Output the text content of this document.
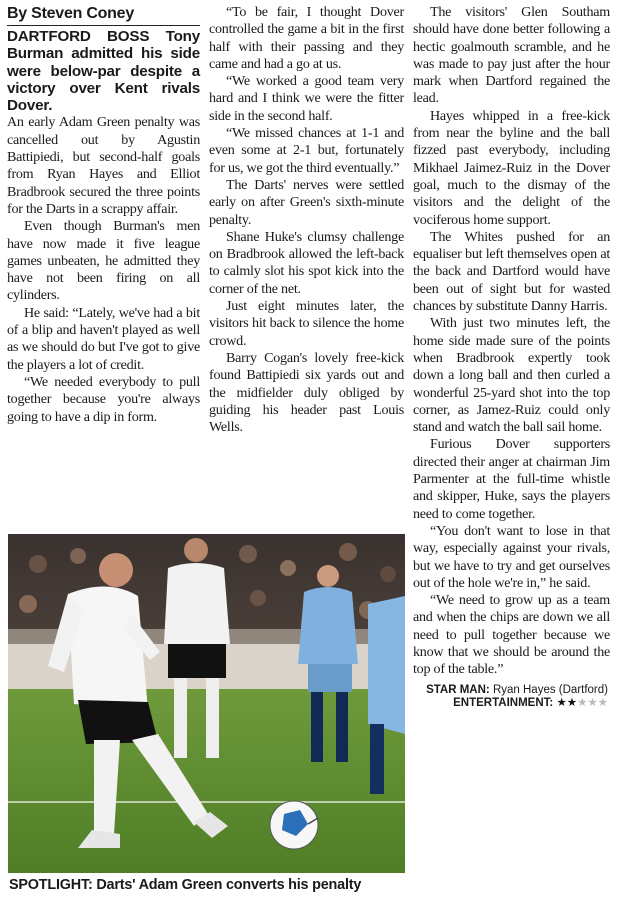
By Steven Coney
DARTFORD BOSS Tony Burman admitted his side were below-par despite a victory over Kent rivals Dover.

An early Adam Green penalty was cancelled out by Agustin Battipiedi, but second-half goals from Ryan Hayes and Elliot Bradbrook secured the three points for the Darts in a scrappy affair.

Even though Burman's men have now made it five league games unbeaten, he admitted they have not been firing on all cylinders.

He said: “Lately, we've had a bit of a blip and haven't played as well as we should do but I've got to give the players a lot of credit.

“We needed everybody to pull together because you're always going to have a dip in form.

“To be fair, I thought Dover controlled the game a bit in the first half with their passing and they came and had a go at us.

“We worked a good team very hard and I think we were the fitter side in the second half.

“We missed chances at 1-1 and even some at 2-1 but, fortunately for us, we got the third eventually.”

The Darts' nerves were settled early on after Green's sixth-minute penalty.

Shane Huke's clumsy challenge on Bradbrook allowed the left-back to calmly slot his spot kick into the corner of the net.

Just eight minutes later, the visitors hit back to silence the home crowd.

Barry Cogan's lovely free-kick found Battipiedi six yards out and the midfielder duly obliged by guiding his header past Louis Wells.

The visitors' Glen Southam should have done better following a hectic goalmouth scramble, and he was made to pay just after the hour mark when Dartford regained the lead.

Hayes whipped in a free-kick from near the byline and the ball fizzed past everybody, including Mikhael Jaimez-Ruiz in the Dover goal, much to the dismay of the visitors and the delight of the vociferous home support.

The Whites pushed for an equaliser but left themselves open at the back and Dartford would have been out of sight but for wasted chances by substitute Danny Harris.

With just two minutes left, the home side made sure of the points when Bradbrook expertly took down a long ball and then curled a wonderful 25-yard shot into the top corner, as Jamez-Ruiz could only stand and watch the ball sail home.

Furious Dover supporters directed their anger at chairman Jim Parmenter at the full-time whistle and skipper, Huke, says the players need to come together.

“You don't want to lose in that way, especially against your rivals, but we have to try and get ourselves out of the hole we're in,” he said.

“We need to grow up as a team and when the chips are down we all need to pull together because we know that we should be around the top of the table.”

STAR MAN: Ryan Hayes (Dartford)
ENTERTAINMENT: ★★★★★
SPOTLIGHT: Darts' Adam Green converts his penalty
